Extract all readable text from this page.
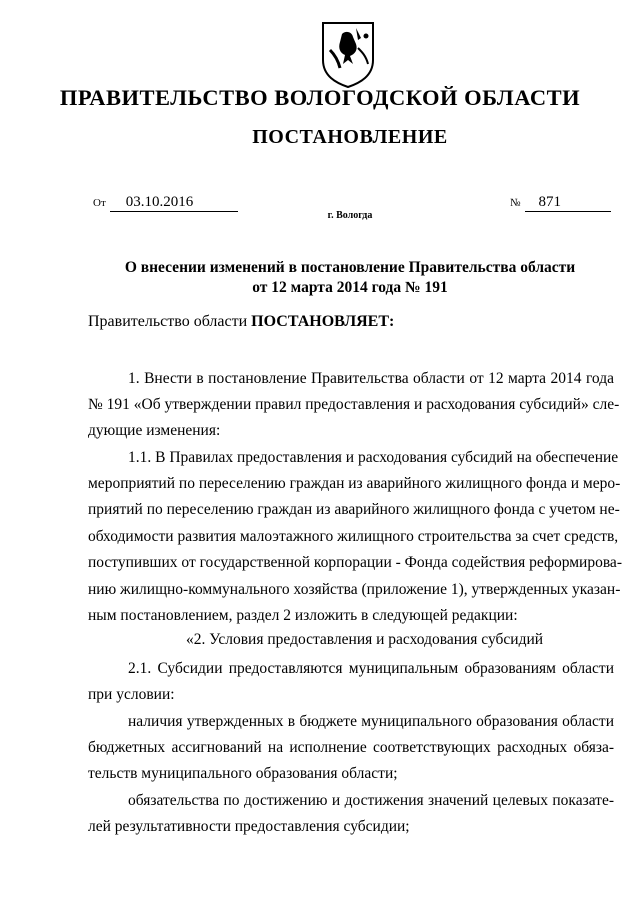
ПРАВИТЕЛЬСТВО ВОЛОГОДСКОЙ ОБЛАСТИ
ПОСТАНОВЛЕНИЕ
От 03.10.2016	№ 871
г. Вологда
О внесении изменений в постановление Правительства области
от 12 марта 2014 года № 191
Правительство области ПОСТАНОВЛЯЕТ:
1. Внести в постановление Правительства области от 12 марта 2014 года
№ 191 «Об утверждении правил предоставления и расходования субсидий» сле-
дующие изменения:
1.1. В Правилах предоставления и расходования субсидий на обеспечение
мероприятий по переселению граждан из аварийного жилищного фонда и меро-
приятий по переселению граждан из аварийного жилищного фонда с учетом не-
обходимости развития малоэтажного жилищного строительства за счет средств,
поступивших от государственной корпорации - Фонда содействия реформирова-
нию жилищно-коммунального хозяйства (приложение 1), утвержденных указан-
ным постановлением, раздел 2 изложить в следующей редакции:
«2. Условия предоставления и расходования субсидий
2.1. Субсидии предоставляются муниципальным образованиям области
при условии:
наличия утвержденных в бюджете муниципального образования области
бюджетных ассигнований на исполнение соответствующих расходных обяза-
тельств муниципального образования области;
обязательства по достижению и достижения значений целевых показате-
лей результативности предоставления субсидии;
